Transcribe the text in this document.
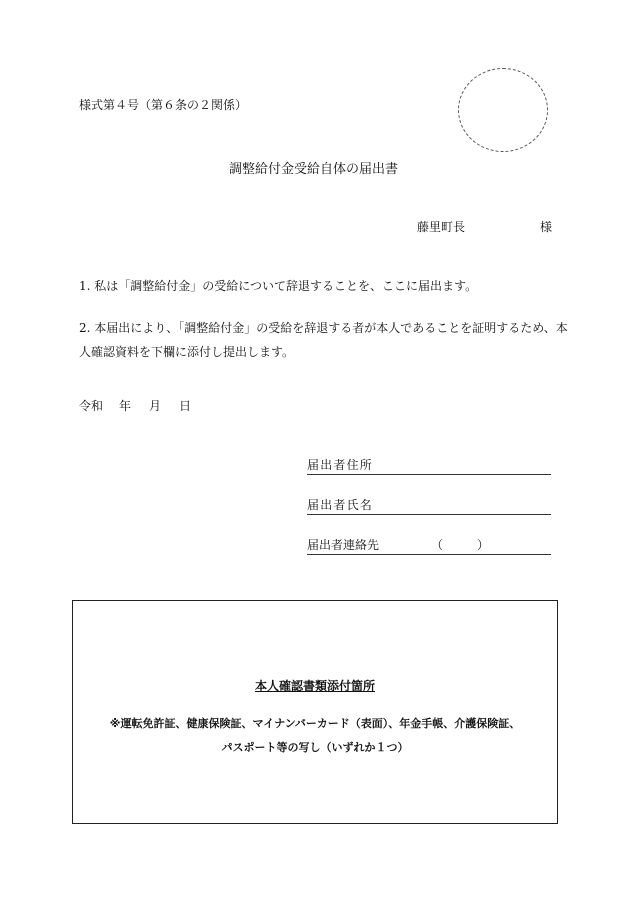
様式第４号（第６条の２関係）
調整給付金受給自体の届出書
藤里町長	様
1. 私は「調整給付金」の受給について辞退することを、ここに届出ます。
2. 本届出により、「調整給付金」の受給を辞退する者が本人であることを証明するため、本人確認資料を下欄に添付し提出します。
令和 年 月 日
届出者住所
届出者氏名
届出者連絡先	（	）
本人確認書類添付箇所
※運転免許証、健康保険証、マイナンバーカード（表面）、年金手帳、介護保険証、
パスポート等の写し（いずれか１つ）
